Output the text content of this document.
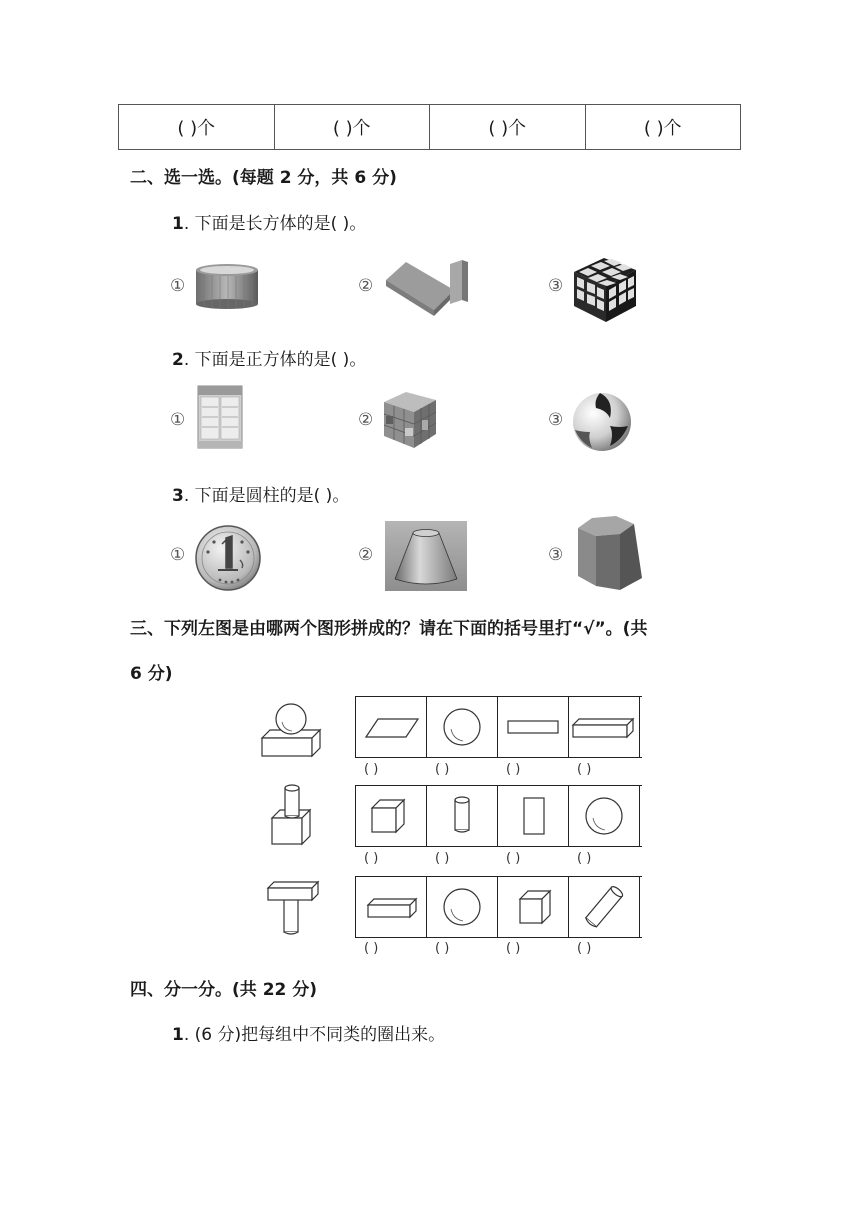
( )个	( )个	( )个	( )个
二、选一选。(每题 2 分，共 6 分)
1. 下面是长方体的是( )。
①	②	③
2. 下面是正方体的是( )。
①	②	③
3. 下面是圆柱的是( )。
①	②	③
三、下列左图是由哪两个图形拼成的？请在下面的括号里打“√”。(共
6 分)
( )	( )	( )	( )
( )	( )	( )	( )
( )	( )	( )	( )
四、分一分。(共 22 分)
1. (6 分)把每组中不同类的圈出来。
